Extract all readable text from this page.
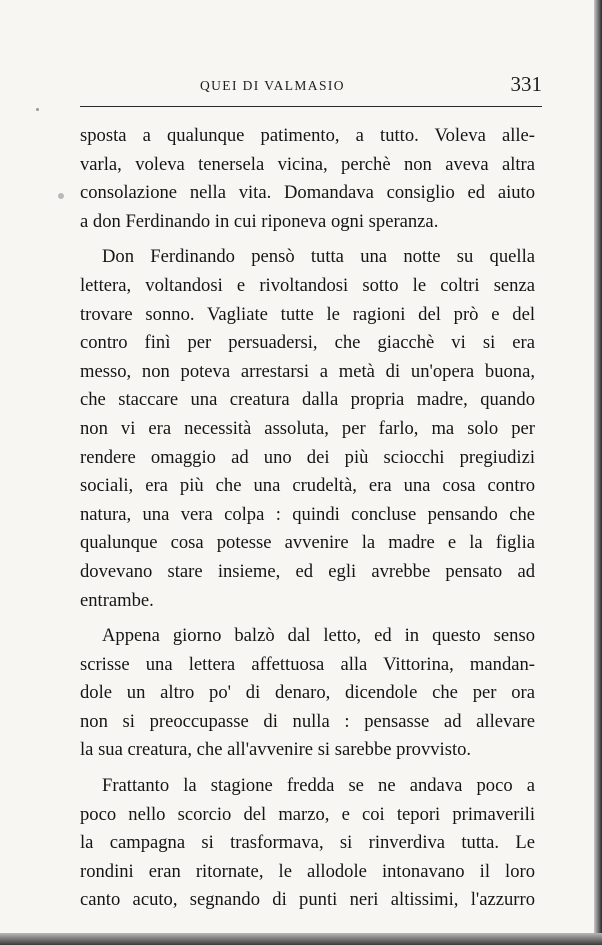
QUEI DI VALMASIO	331
sposta a qualunque patimento, a tutto. Voleva alle-
varla, voleva tenersela vicina, perchè non aveva altra
consolazione nella vita. Domandava consiglio ed aiuto
a don Ferdinando in cui riponeva ogni speranza.
Don Ferdinando pensò tutta una notte su quella
lettera, voltandosi e rivoltandosi sotto le coltri senza
trovare sonno. Vagliate tutte le ragioni del prò e del
contro finì per persuadersi, che giacchè vi si era
messo, non poteva arrestarsi a metà di un'opera buona,
che staccare una creatura dalla propria madre, quando
non vi era necessità assoluta, per farlo, ma solo per
rendere omaggio ad uno dei più sciocchi pregiudizi
sociali, era più che una crudeltà, era una cosa contro
natura, una vera colpa : quindi concluse pensando che
qualunque cosa potesse avvenire la madre e la figlia
dovevano stare insieme, ed egli avrebbe pensato ad
entrambe.
Appena giorno balzò dal letto, ed in questo senso
scrisse una lettera affettuosa alla Vittorina, mandan-
dole un altro po' di denaro, dicendole che per ora
non si preoccupasse di nulla : pensasse ad allevare
la sua creatura, che all'avvenire si sarebbe provvisto.
Frattanto la stagione fredda se ne andava poco a
poco nello scorcio del marzo, e coi tepori primaverili
la campagna si trasformava, si rinverdiva tutta. Le
rondini eran ritornate, le allodole intonavano il loro
canto acuto, segnando di punti neri altissimi, l'azzurro
